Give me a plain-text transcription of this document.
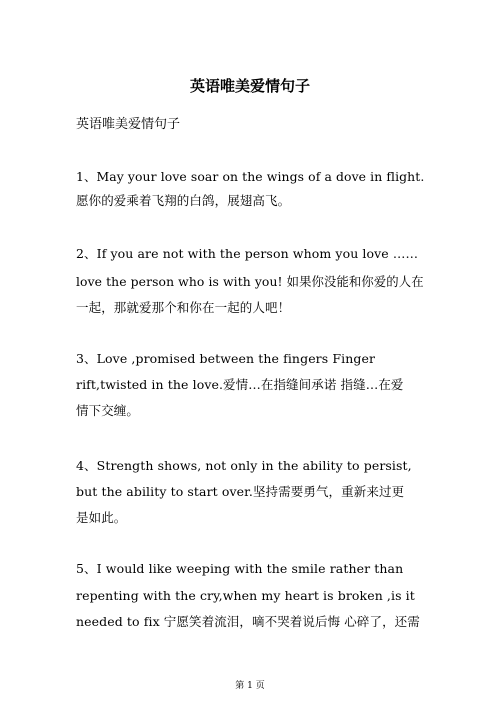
英语唯美爱情句子
英语唯美爱情句子
1、May your love soar on the wings of a dove in flight.
愿你的爱乘着飞翔的白鸽，展翅高飞。
2、If you are not with the person whom you love ……
love the person who is with you! 如果你没能和你爱的人在
一起，那就爱那个和你在一起的人吧！
3、Love ,promised between the fingers Finger
rift,twisted in the love.爱情…在指缝间承诺 指缝…在爱
情下交缠。
4、Strength shows, not only in the ability to persist,
but the ability to start over.坚持需要勇气，重新来过更
是如此。
5、I would like weeping with the smile rather than
repenting with the cry,when my heart is broken ,is it
needed to fix 宁愿笑着流泪，嘀不哭着说后悔 心碎了，还需
第 1 页
